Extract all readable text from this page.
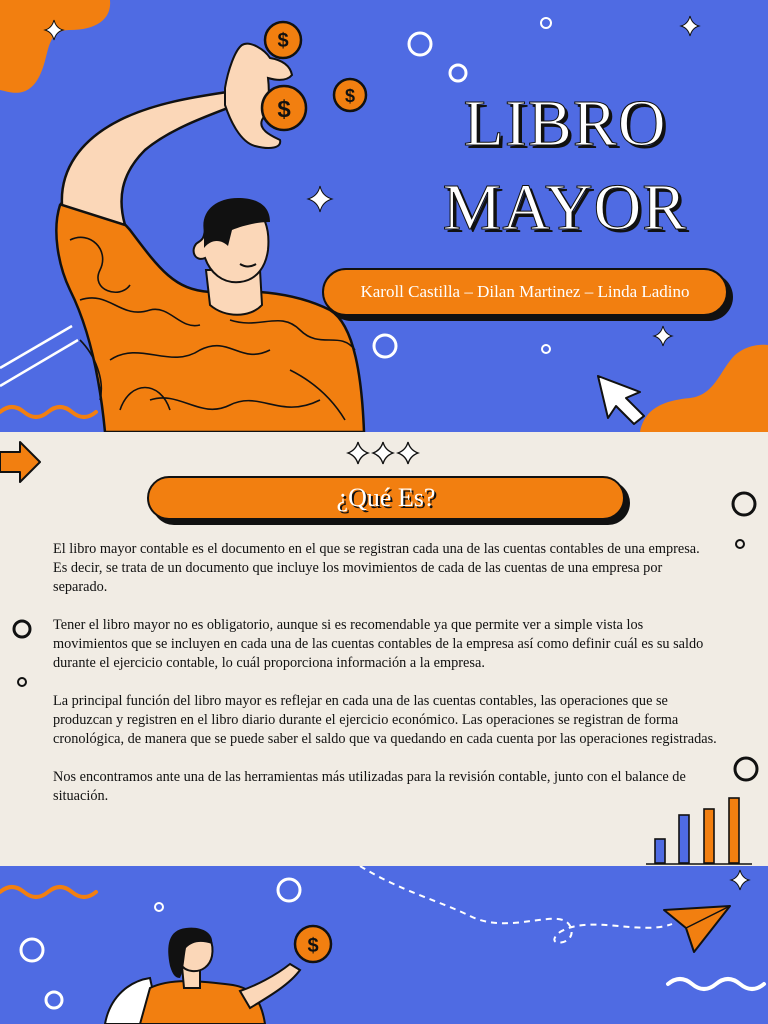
$
$
$	LIBRO
MAYOR
Karoll Castilla – Dilan Martinez – Linda Ladino
¿Qué Es?

El libro mayor contable es el documento en el que se registran cada una de las cuentas contables de una empresa. Es decir, se trata de un documento que incluye los movimientos de cada de las cuentas de una empresa por separado.

Tener el libro mayor no es obligatorio, aunque si es recomendable ya que permite ver a simple vista los movimientos que se incluyen en cada una de las cuentas contables de la empresa así como definir cuál es su saldo durante el ejercicio contable, lo cuál proporciona información a la empresa.

La principal función del libro mayor es reflejar en cada una de las cuentas contables, las operaciones que se produzcan y registren en el libro diario durante el ejercicio económico. Las operaciones se registran de forma cronológica, de manera que se puede saber el saldo que va quedando en cada cuenta por las operaciones registradas.

Nos encontramos ante una de las herramientas más utilizadas para la revisión contable, junto con el balance de situación.

$
